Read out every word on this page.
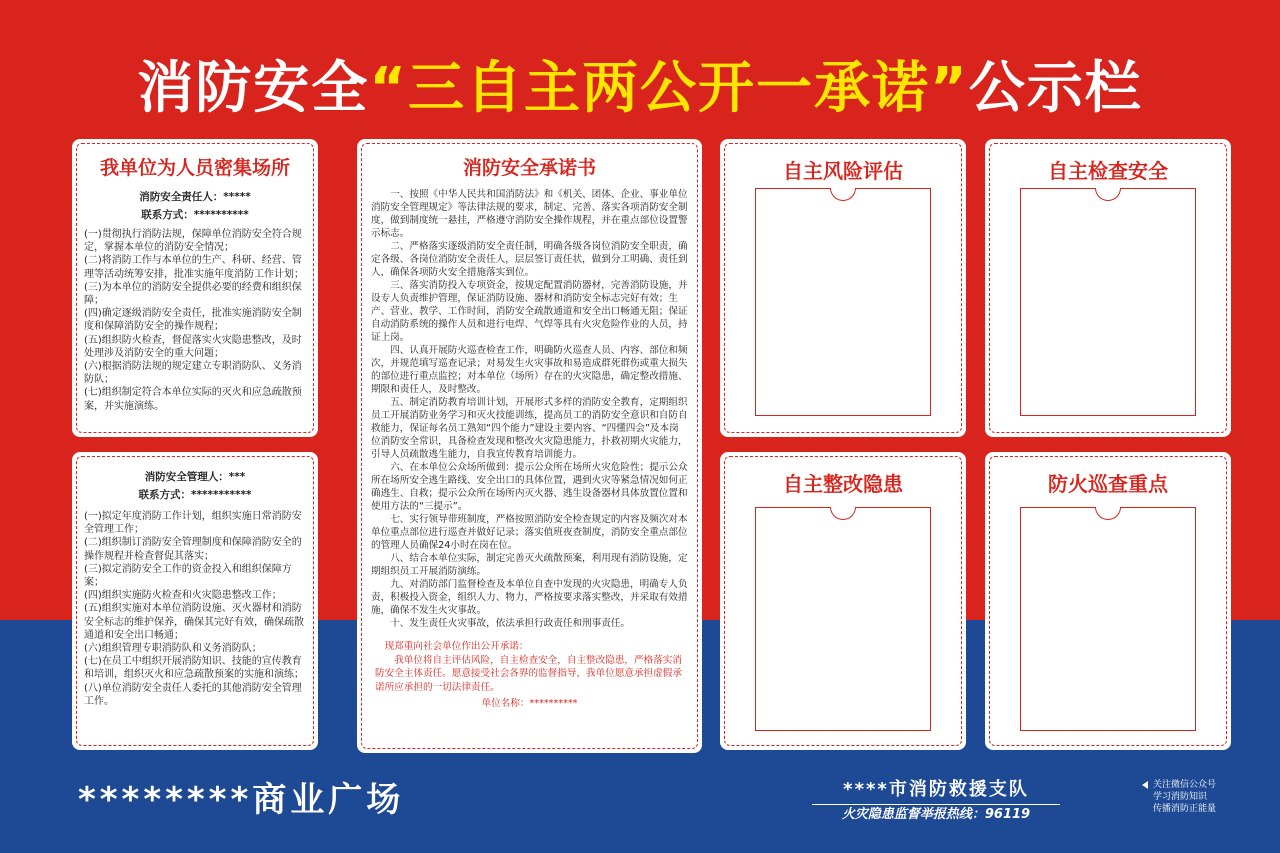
消防安全“三自主两公开一承诺”公示栏
我单位为人员密集场所
消防安全责任人：*****
联系方式：**********
(一)贯彻执行消防法规，保障单位消防安全符合规定，掌握本单位的消防安全情况；
(二)将消防工作与本单位的生产、科研、经营、管理等活动统筹安排，批准实施年度消防工作计划；
(三)为本单位的消防安全提供必要的经费和组织保障；
(四)确定逐级消防安全责任，批准实施消防安全制度和保障消防安全的操作规程；
(五)组织防火检查，督促落实火灾隐患整改，及时处理涉及消防安全的重大问题；
(六)根据消防法规的规定建立专职消防队、义务消防队；
(七)组织制定符合本单位实际的灭火和应急疏散预案，并实施演练。
消防安全管理人：***
联系方式：***********
(一)拟定年度消防工作计划，组织实施日常消防安全管理工作；
(二)组织制订消防安全管理制度和保障消防安全的操作规程并检查督促其落实；
(三)拟定消防安全工作的资金投入和组织保障方案；
(四)组织实施防火检查和火灾隐患整改工作；
(五)组织实施对本单位消防设施、灭火器材和消防安全标志的维护保养，确保其完好有效，确保疏散通道和安全出口畅通；
(六)组织管理专职消防队和义务消防队；
(七)在员工中组织开展消防知识、技能的宣传教育和培训，组织灭火和应急疏散预案的实施和演练；
(八)单位消防安全责任人委托的其他消防安全管理工作。
消防安全承诺书

一、按照《中华人民共和国消防法》和《机关、团体、企业、事业单位消防安全管理规定》等法律法规的要求，制定、完善、落实各项消防安全制度，做到制度统一悬挂，严格遵守消防安全操作规程，并在重点部位设置警示标志。

二、严格落实逐级消防安全责任制，明确各级各岗位消防安全职责，确定各级、各岗位消防安全责任人，层层签订责任状，做到分工明确、责任到人，确保各项防火安全措施落实到位。

三、落实消防投入专项资金，按规定配置消防器材，完善消防设施，并设专人负责维护管理，保证消防设施、器材和消防安全标志完好有效；生产、营业、教学、工作时间，消防安全疏散通道和安全出口畅通无阻；保证自动消防系统的操作人员和进行电焊、气焊等具有火灾危险作业的人员，持证上岗。

四、认真开展防火巡查检查工作，明确防火巡查人员、内容、部位和频次，并规范填写巡查记录；对易发生火灾事故和易造成群死群伤或重大损失的部位进行重点监控；对本单位（场所）存在的火灾隐患，确定整改措施、期限和责任人，及时整改。

五、制定消防教育培训计划，开展形式多样的消防安全教育，定期组织员工开展消防业务学习和灭火技能训练，提高员工的消防安全意识和自防自救能力，保证每名员工熟知“四个能力”建设主要内容、“四懂四会”及本岗位消防安全常识，具备检查发现和整改火灾隐患能力，扑救初期火灾能力，引导人员疏散逃生能力，自我宣传教育培训能力。

六、在本单位公众场所做到：提示公众所在场所火灾危险性；提示公众所在场所安全逃生路线、安全出口的具体位置，遇到火灾等紧急情况如何正确逃生、自救；提示公众所在场所内灭火器、逃生设备器材具体放置位置和使用方法的“三提示”。

七、实行领导带班制度，严格按照消防安全检查规定的内容及频次对本单位重点部位进行巡查并做好记录；落实值班夜查制度，消防安全重点部位的管理人员确保24小时在岗在位。

八、结合本单位实际，制定完善灭火疏散预案，利用现有消防设施，定期组织员工开展消防演练。

九、对消防部门监督检查及本单位自查中发现的火灾隐患，明确专人负责，积极投入资金，组织人力、物力，严格按要求落实整改，并采取有效措施，确保不发生火灾事故。

十、发生责任火灾事故，依法承担行政责任和刑事责任。

现郑重向社会单位作出公开承诺：

我单位将自主评估风险，自主检查安全，自主整改隐患，严格落实消防安全主体责任。愿意接受社会各界的监督指导，我单位愿意承担虚假承诺所应承担的一切法律责任。

单位名称：**********

自主风险评估	自主检查安全
自主整改隐患	防火巡查重点
********商业广场	****市消防救援支队
火灾隐患监督举报热线：96119
关注微信公众号
学习消防知识
传播消防正能量
